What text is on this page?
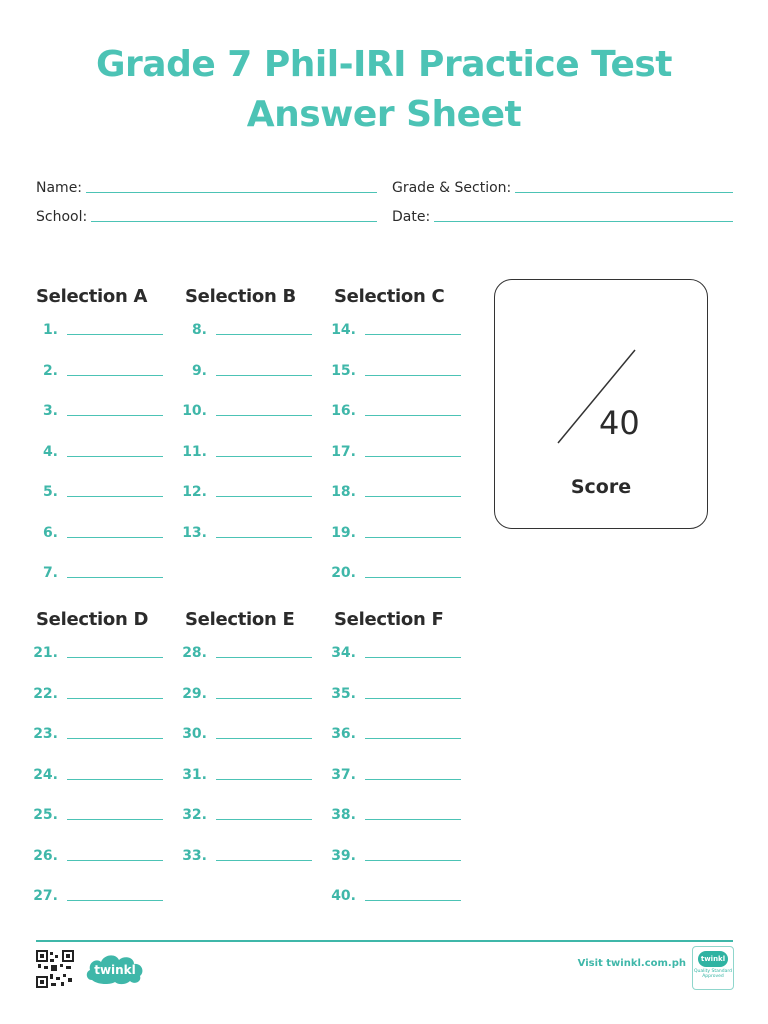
Grade 7 Phil-IRI Practice Test
Answer Sheet
Name:	Grade & Section:
School:	Date:
Selection A
1.
2.
3.
4.
5.
6.
7.
Selection B
8.
9.
10.
11.
12.
13.
Selection C
14.
15.
16.
17.
18.
19.
20.
Selection D
21.
22.
23.
24.
25.
26.
27.
Selection E
28.
29.
30.
31.
32.
33.
Selection F
34.
35.
36.
37.
38.
39.
40.
40
Score
twinkl	Visit twinkl.com.ph	twinkl
Quality Standard Approved
